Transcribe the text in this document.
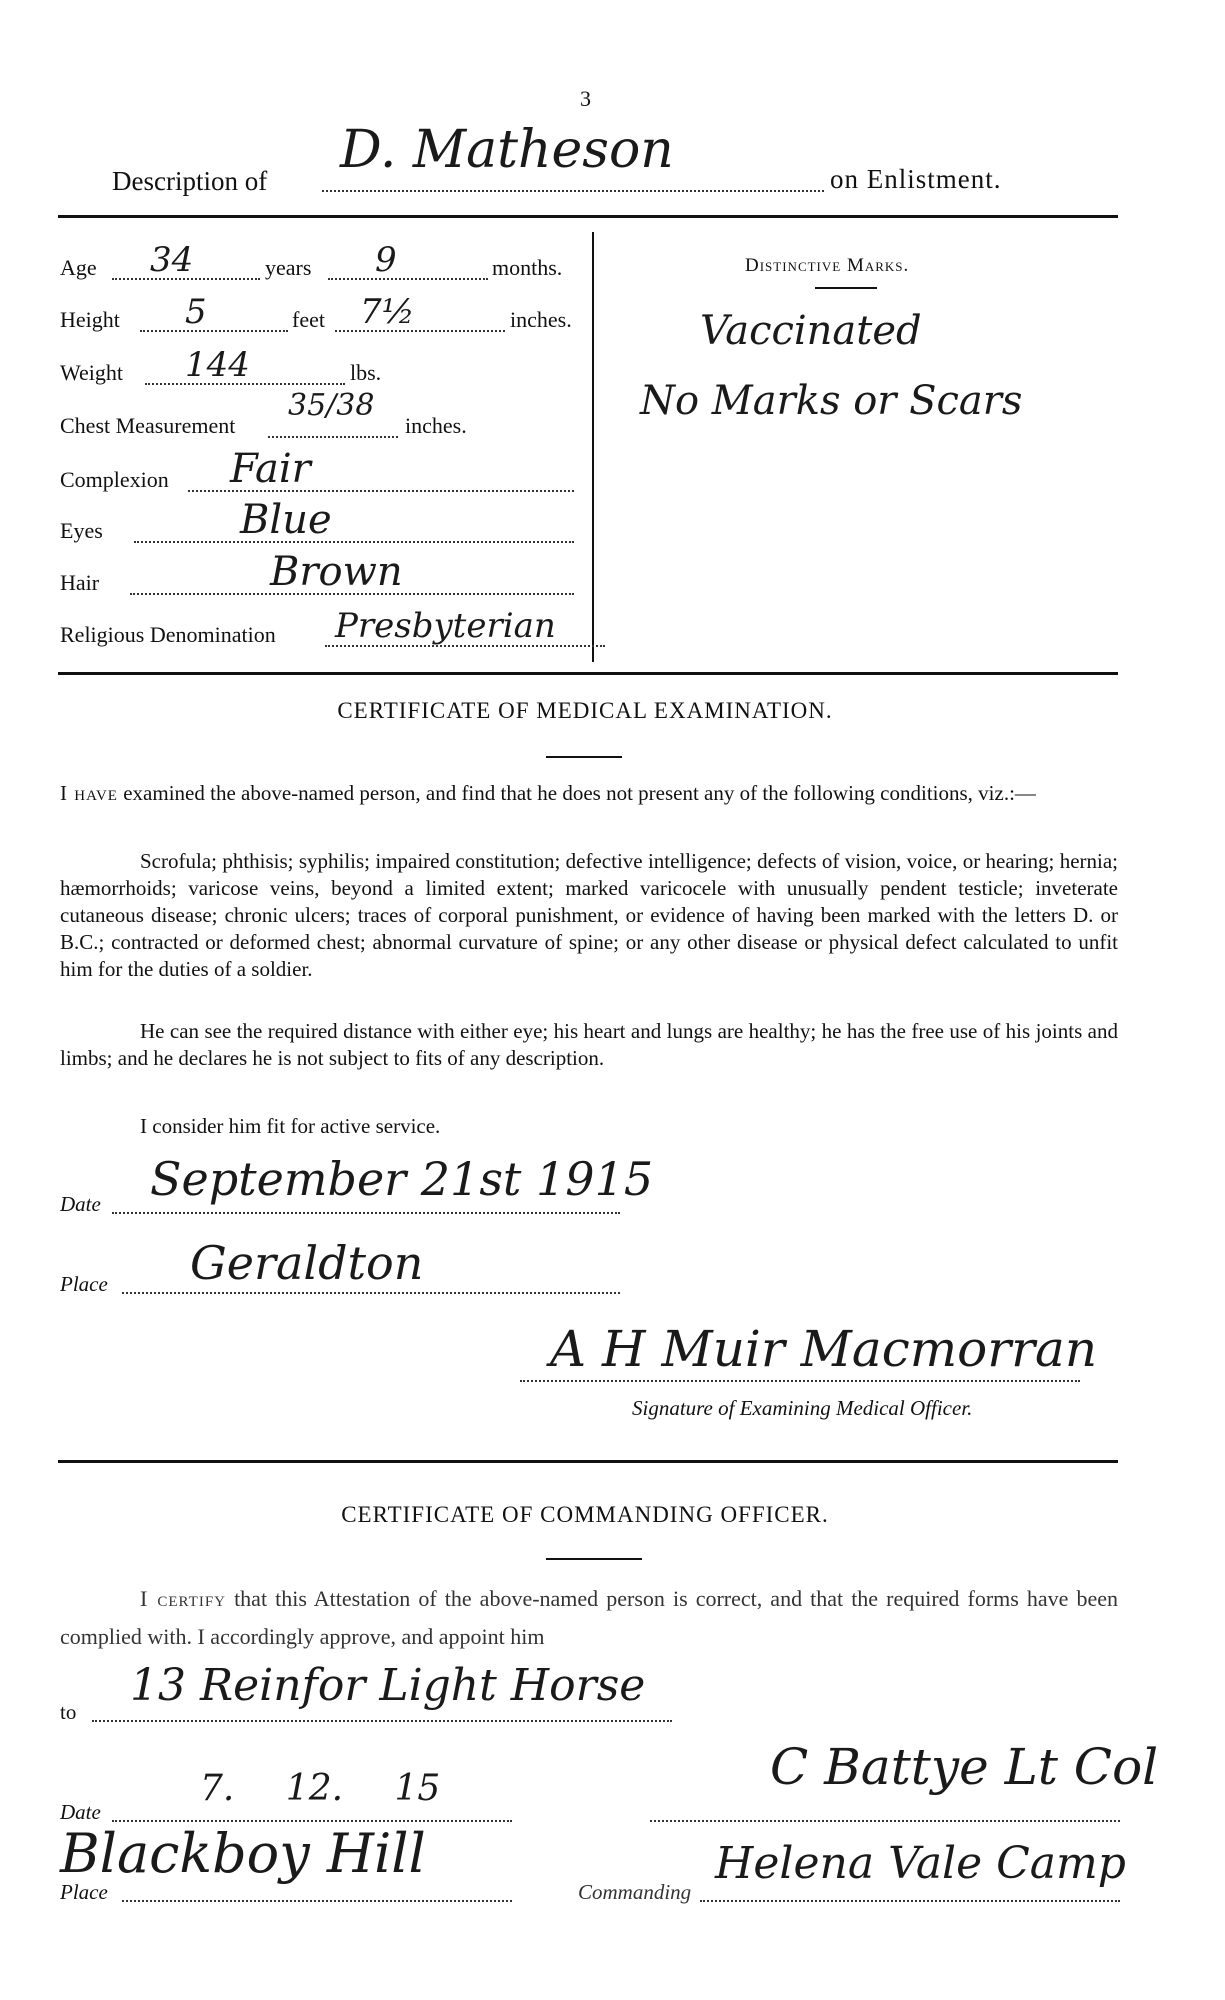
3
Description of
D. Matheson	on Enlistment.
Age 34	years 9	months.
Height 5	feet 7½	inches.
Weight 144	lbs.
Chest Measurement
35/38
inches.
Complexion Fair
Eyes	Blue
Hair	Brown
Religious Denomination Presbyterian
Distinctive Marks.
Vaccinated
No Marks or Scars
CERTIFICATE OF MEDICAL EXAMINATION.

I have examined the above-named person, and find that he does not present any of the following conditions, viz.:—

Scrofula; phthisis; syphilis; impaired constitution; defective intelligence; defects of vision, voice, or hearing; hernia; hæmorrhoids; varicose veins, beyond a limited extent; marked varicocele with unusually pendent testicle; inveterate cutaneous disease; chronic ulcers; traces of corporal punishment, or evidence of having been marked with the letters D. or B.C.; contracted or deformed chest; abnormal curvature of spine; or any other disease or physical defect calculated to unfit him for the duties of a soldier.

He can see the required distance with either eye; his heart and lungs are healthy; he has the free use of his joints and limbs; and he declares he is not subject to fits of any description.

I consider him fit for active service.
Date September 21st 1915
Place Geraldton
A H Muir Macmorran
Signature of Examining Medical Officer.
CERTIFICATE OF COMMANDING OFFICER.

I certify that this Attestation of the above-named person is correct, and that the required forms have been complied with. I accordingly approve, and appoint him

to
13 Reinfor Light Horse
Date
7. 12. 15
Place
Blackboy Hill
C Battye Lt Col
Commanding
Helena Vale Camp
